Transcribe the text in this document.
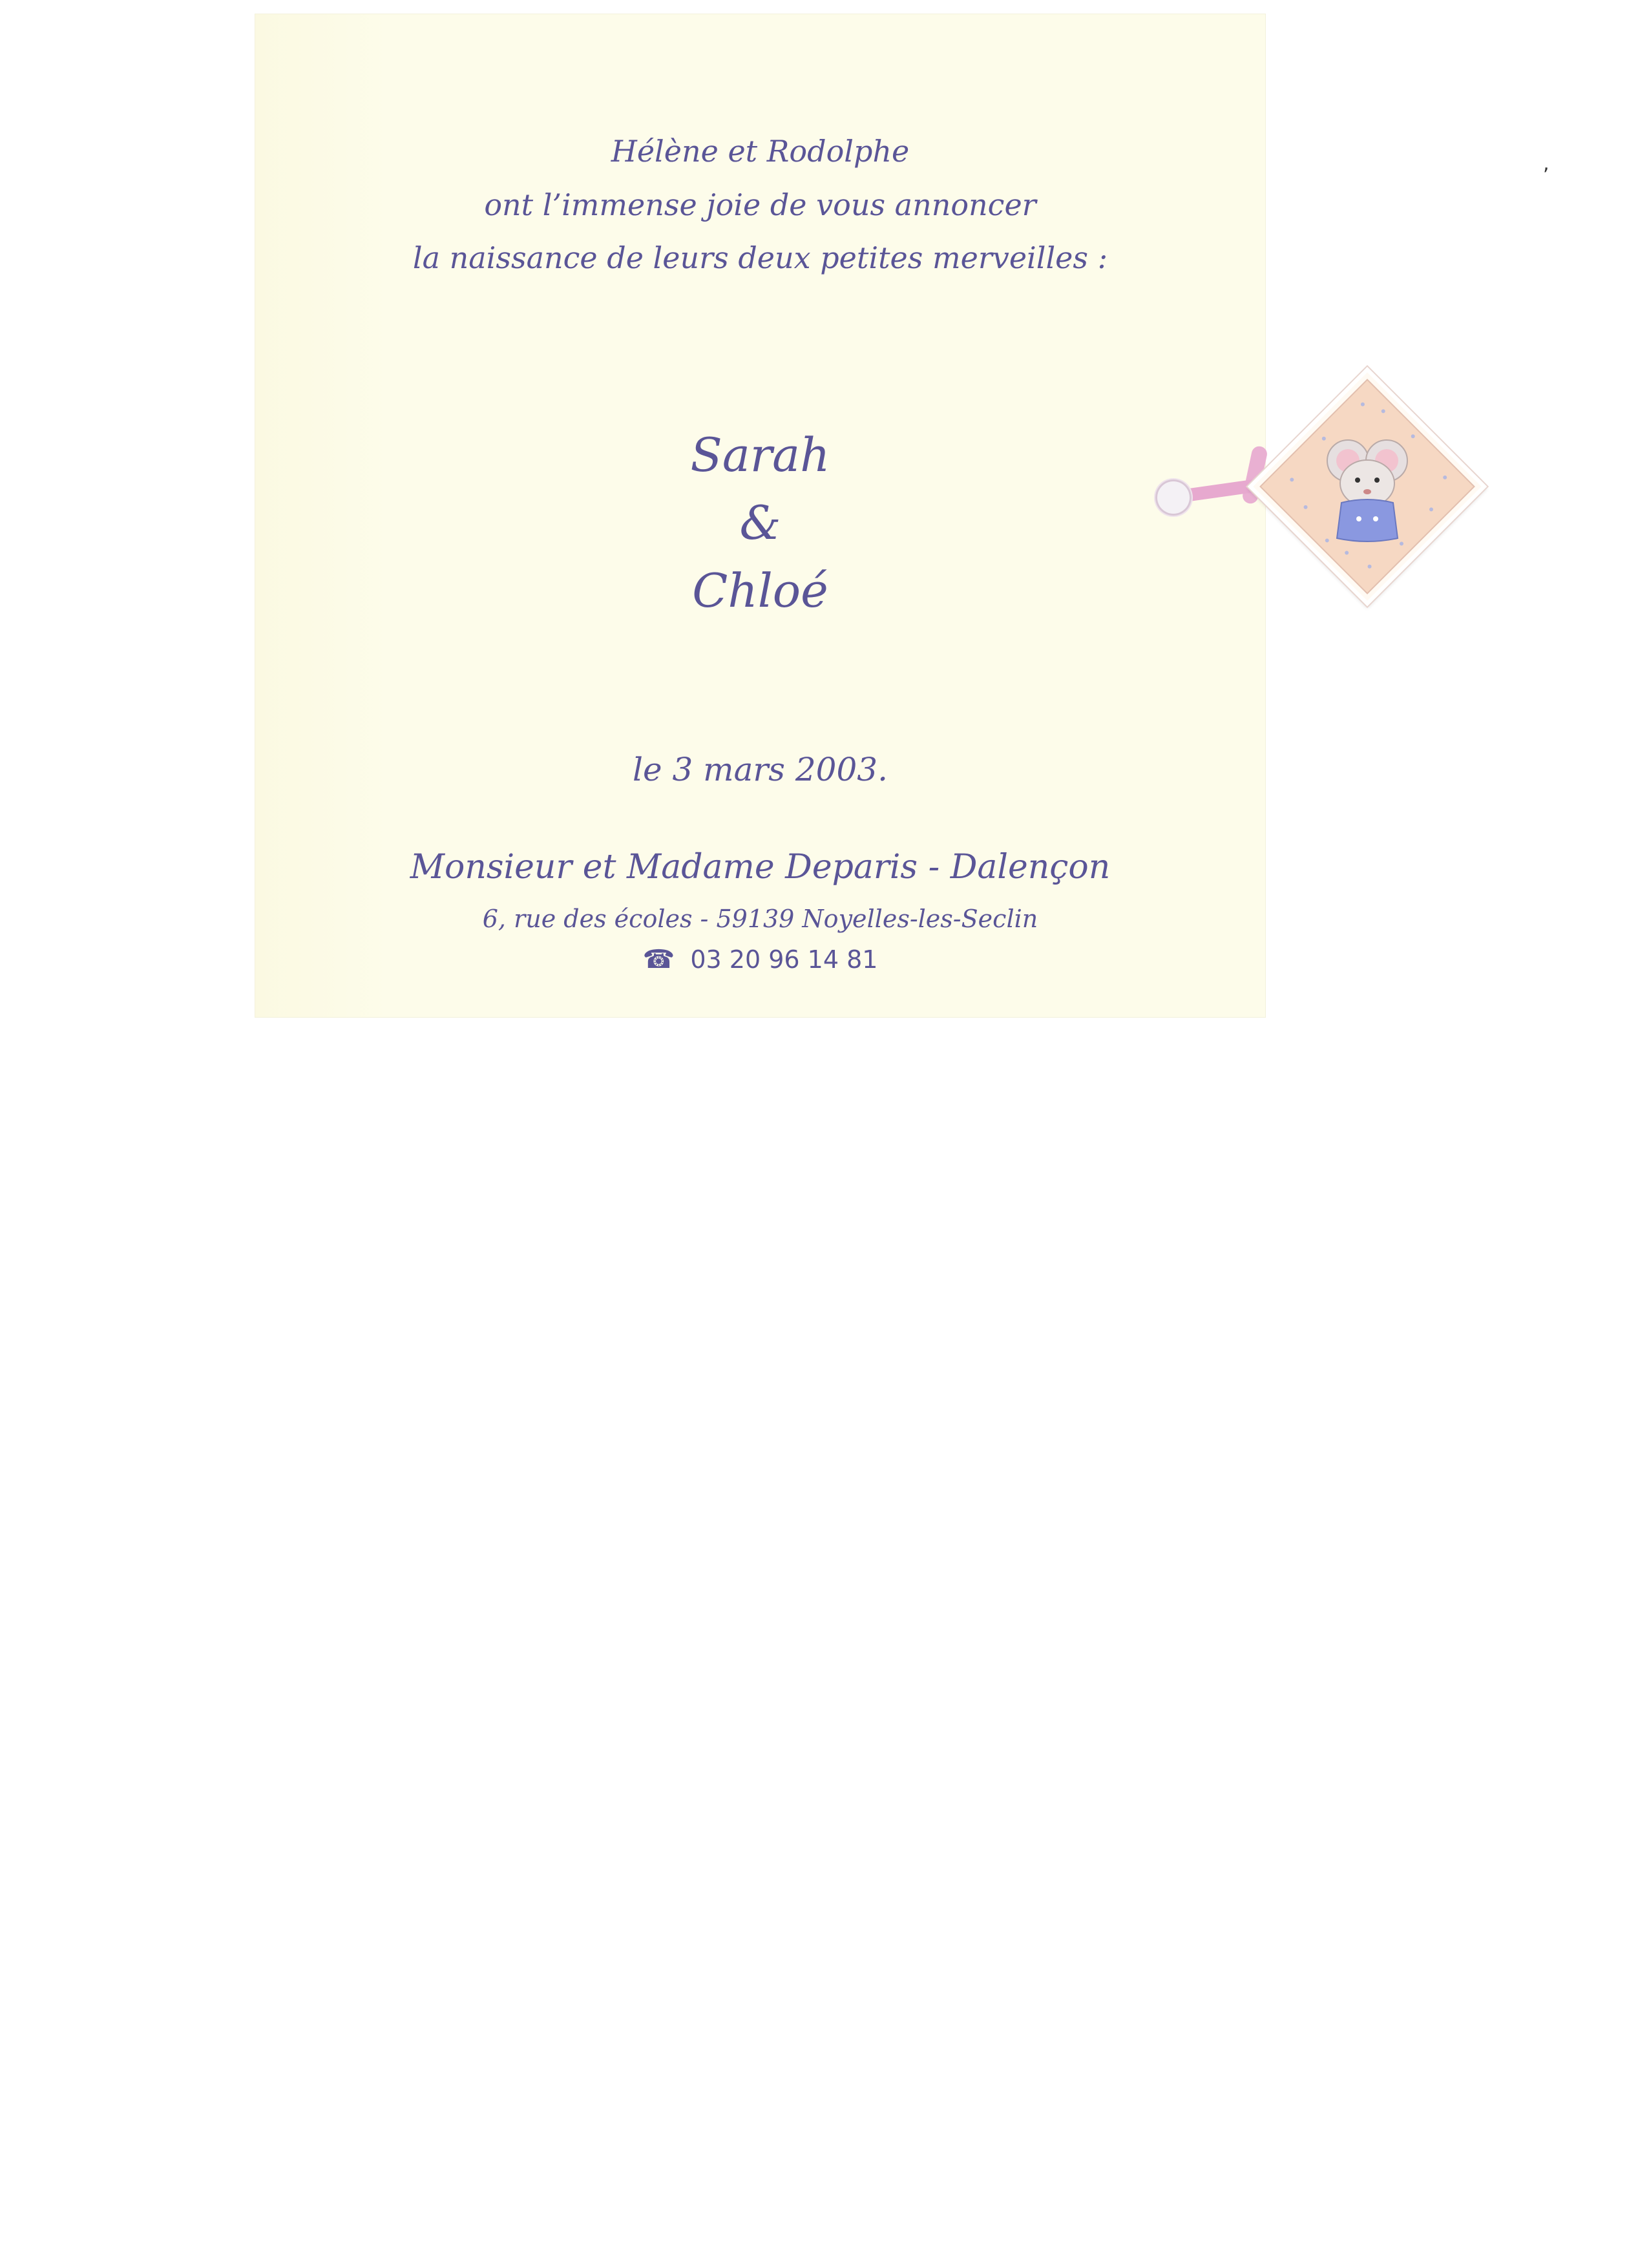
Hélène et Rodolphe
ont l’immense joie de vous annoncer
la naissance de leurs deux petites merveilles :
Sarah
&
Chloé
le 3 mars 2003.
Monsieur et Madame Deparis - Dalençon
6, rue des écoles - 59139 Noyelles-les-Seclin
☎ 03 20 96 14 81
,
